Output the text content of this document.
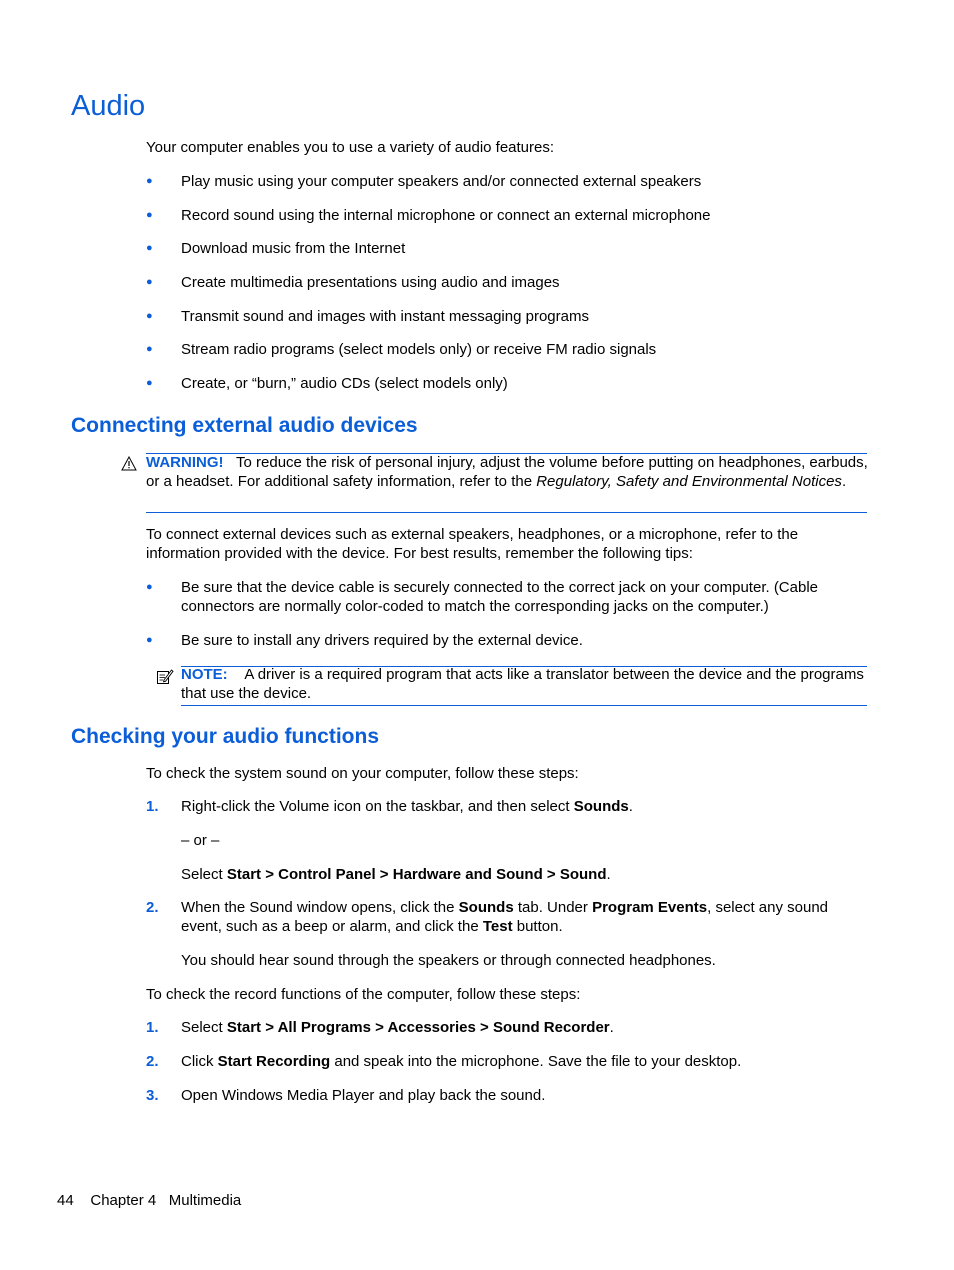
Audio

Your computer enables you to use a variety of audio features:

● Play music using your computer speakers and/or connected external speakers
● Record sound using the internal microphone or connect an external microphone
● Download music from the Internet
● Create multimedia presentations using audio and images
● Transmit sound and images with instant messaging programs
● Stream radio programs (select models only) or receive FM radio signals
● Create, or “burn,” audio CDs (select models only)
Connecting external audio devices
WARNING! To reduce the risk of personal injury, adjust the volume before putting on headphones, earbuds, or a headset. For additional safety information, refer to the Regulatory, Safety and Environmental Notices.

To connect external devices such as external speakers, headphones, or a microphone, refer to the information provided with the device. For best results, remember the following tips:

● Be sure that the device cable is securely connected to the correct jack on your computer. (Cable connectors are normally color-coded to match the corresponding jacks on the computer.)
● Be sure to install any drivers required by the external device.
NOTE: A driver is a required program that acts like a translator between the device and the programs that use the device.
Checking your audio functions

To check the system sound on your computer, follow these steps:

1. Right-click the Volume icon on the taskbar, and then select Sounds.
– or –
Select Start > Control Panel > Hardware and Sound > Sound.
2. When the Sound window opens, click the Sounds tab. Under Program Events, select any sound event, such as a beep or alarm, and click the Test button.
You should hear sound through the speakers or through connected headphones.

To check the record functions of the computer, follow these steps:

1. Select Start > All Programs > Accessories > Sound Recorder.
2. Click Start Recording and speak into the microphone. Save the file to your desktop.
3. Open Windows Media Player and play back the sound.
44 Chapter 4 Multimedia
